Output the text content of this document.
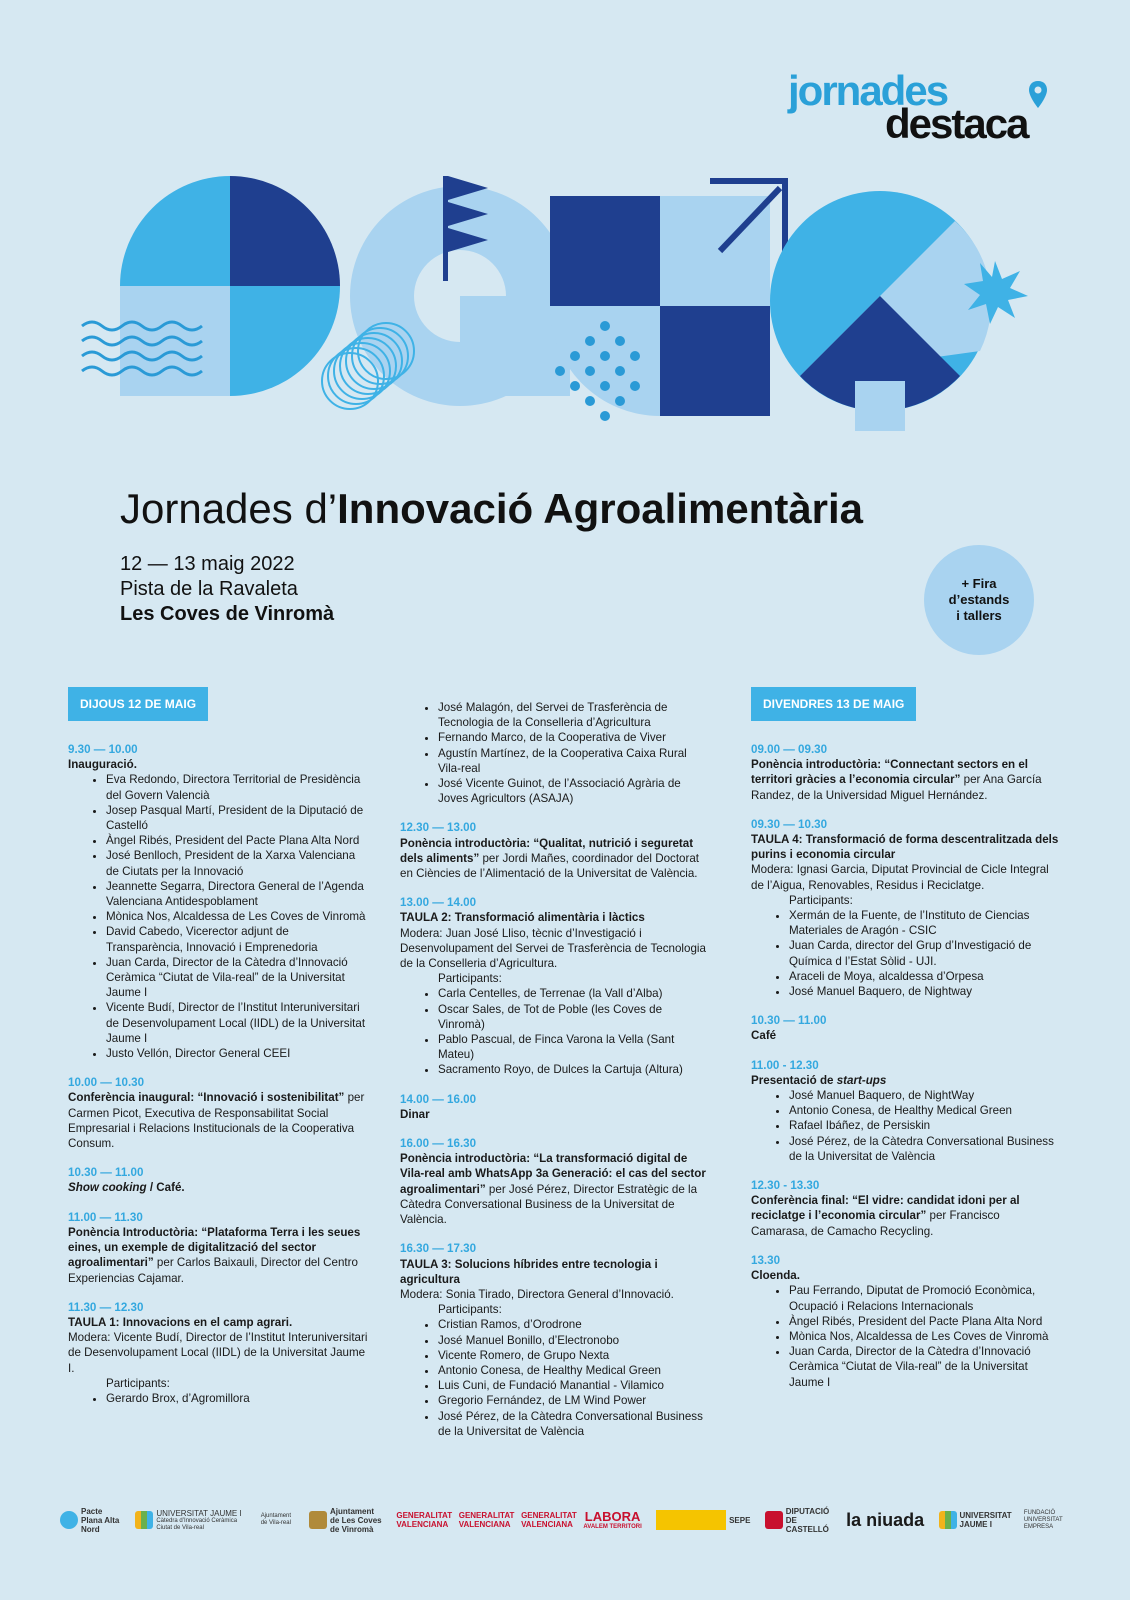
jornades
destaca
Jornades d’Innovació Agroalimentària
12 — 13 maig 2022
Pista de la Ravaleta
Les Coves de Vinromà
+ Fira
d’estands
i tallers
DIJOUS 12 DE MAIG	DIVENDRES 13 DE MAIG
9.30 — 10.00
Inauguració.
• Eva Redondo, Directora Territorial de Presidència del Govern Valencià
• Josep Pasqual Martí, President de la Diputació de Castelló
• Àngel Ribés, President del Pacte Plana Alta Nord
• José Benlloch, President de la Xarxa Valenciana de Ciutats per la Innovació
• Jeannette Segarra, Directora General de l’Agenda Valenciana Antidespoblament
• Mònica Nos, Alcaldessa de Les Coves de Vinromà
• David Cabedo, Vicerector adjunt de Transparència, Innovació i Emprenedoria
• Juan Carda, Director de la Càtedra d’Innovació Ceràmica “Ciutat de Vila-real” de la Universitat Jaume I
• Vicente Budí, Director de l’Institut Interuniversitari de Desenvolupament Local (IIDL) de la Universitat Jaume I
• Justo Vellón, Director General CEEI
10.00 — 10.30
Conferència inaugural: “Innovació i sostenibilitat” per Carmen Picot, Executiva de Responsabilitat Social Empresarial i Relacions Institucionals de la Cooperativa Consum.
10.30 — 11.00
Show cooking / Café.
11.00 — 11.30
Ponència Introductòria: “Plataforma Terra i les seues eines, un exemple de digitalització del sector agroalimentari” per Carlos Baixauli, Director del Centro Experiencias Cajamar.
11.30 — 12.30
TAULA 1: Innovacions en el camp agrari.
Modera: Vicente Budí, Director de l’Institut Interuniversitari de Desenvolupament Local (IIDL) de la Universitat Jaume I.
Participants:
• Gerardo Brox, d’Agromillora
• José Malagón, del Servei de Trasferència de Tecnologia de la Conselleria d’Agricultura
• Fernando Marco, de la Cooperativa de Viver
• Agustín Martínez, de la Cooperativa Caixa Rural Vila-real
• José Vicente Guinot, de l’Associació Agrària de Joves Agricultors (ASAJA)
12.30 — 13.00
Ponència introductòria: “Qualitat, nutrició i seguretat dels aliments” per Jordi Mañes, coordinador del Doctorat en Ciències de l’Alimentació de la Universitat de València.
13.00 — 14.00
TAULA 2: Transformació alimentària i làctics
Modera: Juan José Lliso, tècnic d’Investigació i Desenvolupament del Servei de Trasferència de Tecnologia de la Conselleria d’Agricultura.
Participants:
• Carla Centelles, de Terrenae (la Vall d’Alba)
• Oscar Sales, de Tot de Poble (les Coves de Vinromà)
• Pablo Pascual, de Finca Varona la Vella (Sant Mateu)
• Sacramento Royo, de Dulces la Cartuja (Altura)
14.00 — 16.00
Dinar
16.00 — 16.30
Ponència introductòria: “La transformació digital de Vila-real amb WhatsApp 3a Generació: el cas del sector agroalimentari” per José Pérez, Director Estratègic de la Càtedra Conversational Business de la Universitat de València.
16.30 — 17.30
TAULA 3: Solucions híbrides entre tecnologia i agricultura
Modera: Sonia Tirado, Directora General d’Innovació.
Participants:
• Cristian Ramos, d’Orodrone
• José Manuel Bonillo, d’Electronobo
• Vicente Romero, de Grupo Nexta
• Antonio Conesa, de Healthy Medical Green
• Luis Cuni, de Fundació Manantial - Vilamico
• Gregorio Fernández, de LM Wind Power
• José Pérez, de la Càtedra Conversational Business de la Universitat de València
09.00 — 09.30
Ponència introductòria: “Connectant sectors en el territori gràcies a l’economia circular” per Ana García Randez, de la Universidad Miguel Hernández.
09.30 — 10.30
TAULA 4: Transformació de forma descentralitzada dels purins i economia circular
Modera: Ignasi Garcia, Diputat Provincial de Cicle Integral de l’Aigua, Renovables, Residus i Reciclatge.
Participants:
• Xermán de la Fuente, de l’Instituto de Ciencias Materiales de Aragón - CSIC
• Juan Carda, director del Grup d’Investigació de Química d l’Estat Sòlid - UJI.
• Araceli de Moya, alcaldessa d’Orpesa
• José Manuel Baquero, de Nightway
10.30 — 11.00
Café
11.00 - 12.30
Presentació de start-ups
• José Manuel Baquero, de NightWay
• Antonio Conesa, de Healthy Medical Green
• Rafael Ibáñez, de Persiskin
• José Pérez, de la Càtedra Conversational Business de la Universitat de València
12.30 - 13.30
Conferència final: “El vidre: candidat idoni per al reciclatge i l’economia circular” per Francisco Camarasa, de Camacho Recycling.
13.30
Cloenda.
• Pau Ferrando, Diputat de Promoció Econòmica, Ocupació i Relacions Internacionals
• Àngel Ribés, President del Pacte Plana Alta Nord
• Mònica Nos, Alcaldessa de Les Coves de Vinromà
• Juan Carda, Director de la Càtedra d’Innovació Ceràmica “Ciutat de Vila-real” de la Universitat Jaume I
Pacte Plana Alta Nord
UNIVERSITAT JAUME I
Càtedra d’Innovació Ceràmica Ciutat de Vila-real
Ajuntament de Vila-real
Ajuntament de Les Coves de Vinromà
GENERALITAT VALENCIANA
GENERALITAT VALENCIANA
GENERALITAT VALENCIANA
LABORA
AVALEM TERRITORI
SEPE
DIPUTACIÓ DE CASTELLÓ la niuada	UNIVERSITAT JAUME I
FUNDACIÓ UNIVERSITAT EMPRESA
